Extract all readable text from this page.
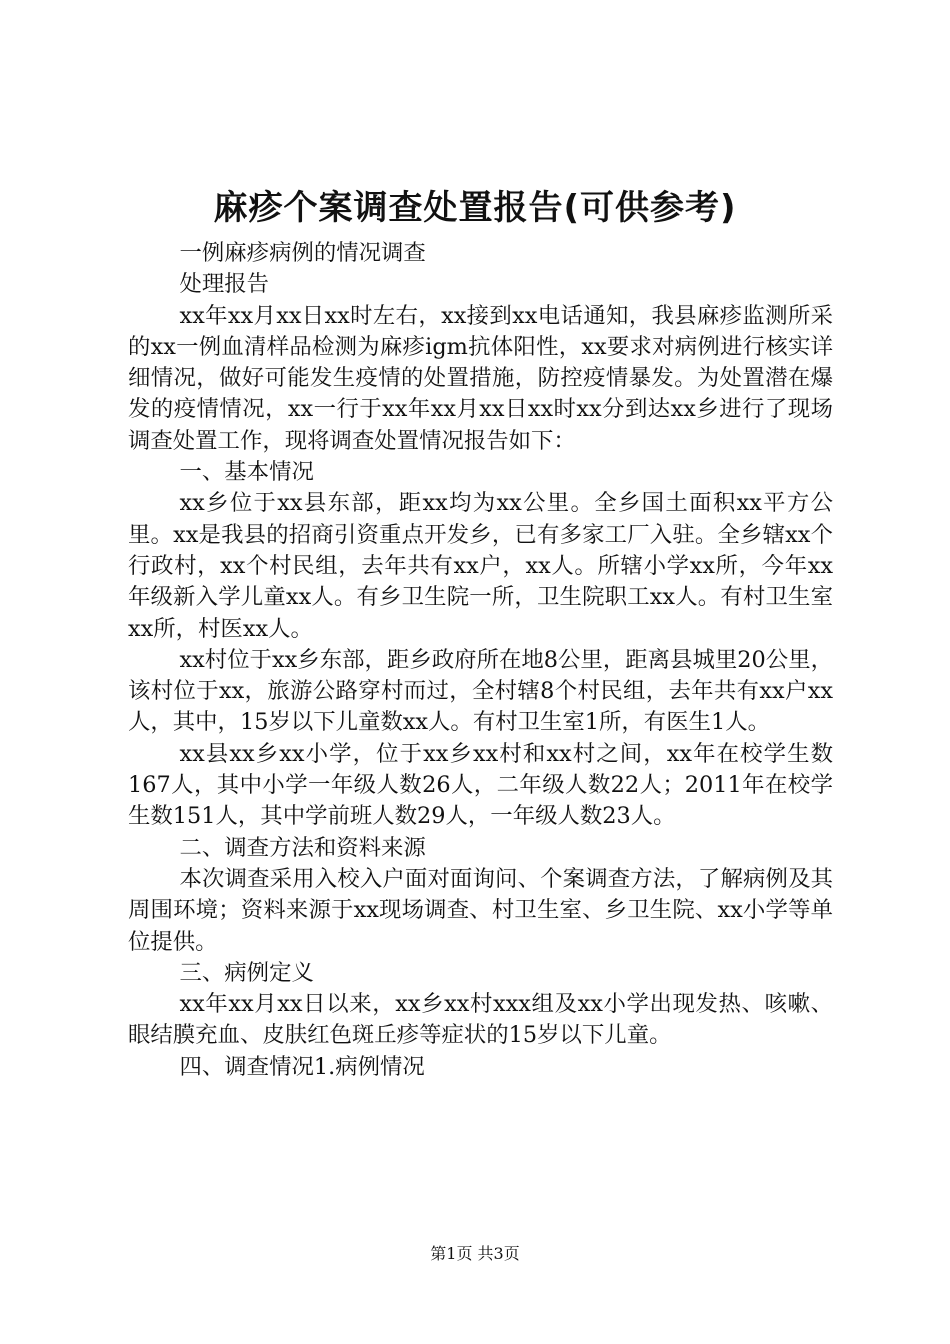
麻疹个案调查处置报告(可供参考)

一例麻疹病例的情况调查

处理报告

xx年xx月xx日xx时左右，xx接到xx电话通知，我县麻疹监测所采的xx一例血清样品检测为麻疹igm抗体阳性，xx要求对病例进行核实详细情况，做好可能发生疫情的处置措施，防控疫情暴发。为处置潜在爆发的疫情情况，xx一行于xx年xx月xx日xx时xx分到达xx乡进行了现场调查处置工作，现将调查处置情况报告如下：

一、基本情况

xx乡位于xx县东部，距xx均为xx公里。全乡国土面积xx平方公里。xx是我县的招商引资重点开发乡，已有多家工厂入驻。全乡辖xx个行政村，xx个村民组，去年共有xx户，xx人。所辖小学xx所，今年xx年级新入学儿童xx人。有乡卫生院一所，卫生院职工xx人。有村卫生室xx所，村医xx人。

xx村位于xx乡东部，距乡政府所在地8公里，距离县城里20公里，该村位于xx，旅游公路穿村而过，全村辖8个村民组，去年共有xx户xx人，其中，15岁以下儿童数xx人。有村卫生室1所，有医生1人。

xx县xx乡xx小学，位于xx乡xx村和xx村之间，xx年在校学生数167人，其中小学一年级人数26人，二年级人数22人；2011年在校学生数151人，其中学前班人数29人，一年级人数23人。

二、调查方法和资料来源

本次调查采用入校入户面对面询问、个案调查方法，了解病例及其周围环境；资料来源于xx现场调查、村卫生室、乡卫生院、xx小学等单位提供。

三、病例定义

xx年xx月xx日以来，xx乡xx村xxx组及xx小学出现发热、咳嗽、眼结膜充血、皮肤红色斑丘疹等症状的15岁以下儿童。

四、调查情况1.病例情况

第1页 共3页
